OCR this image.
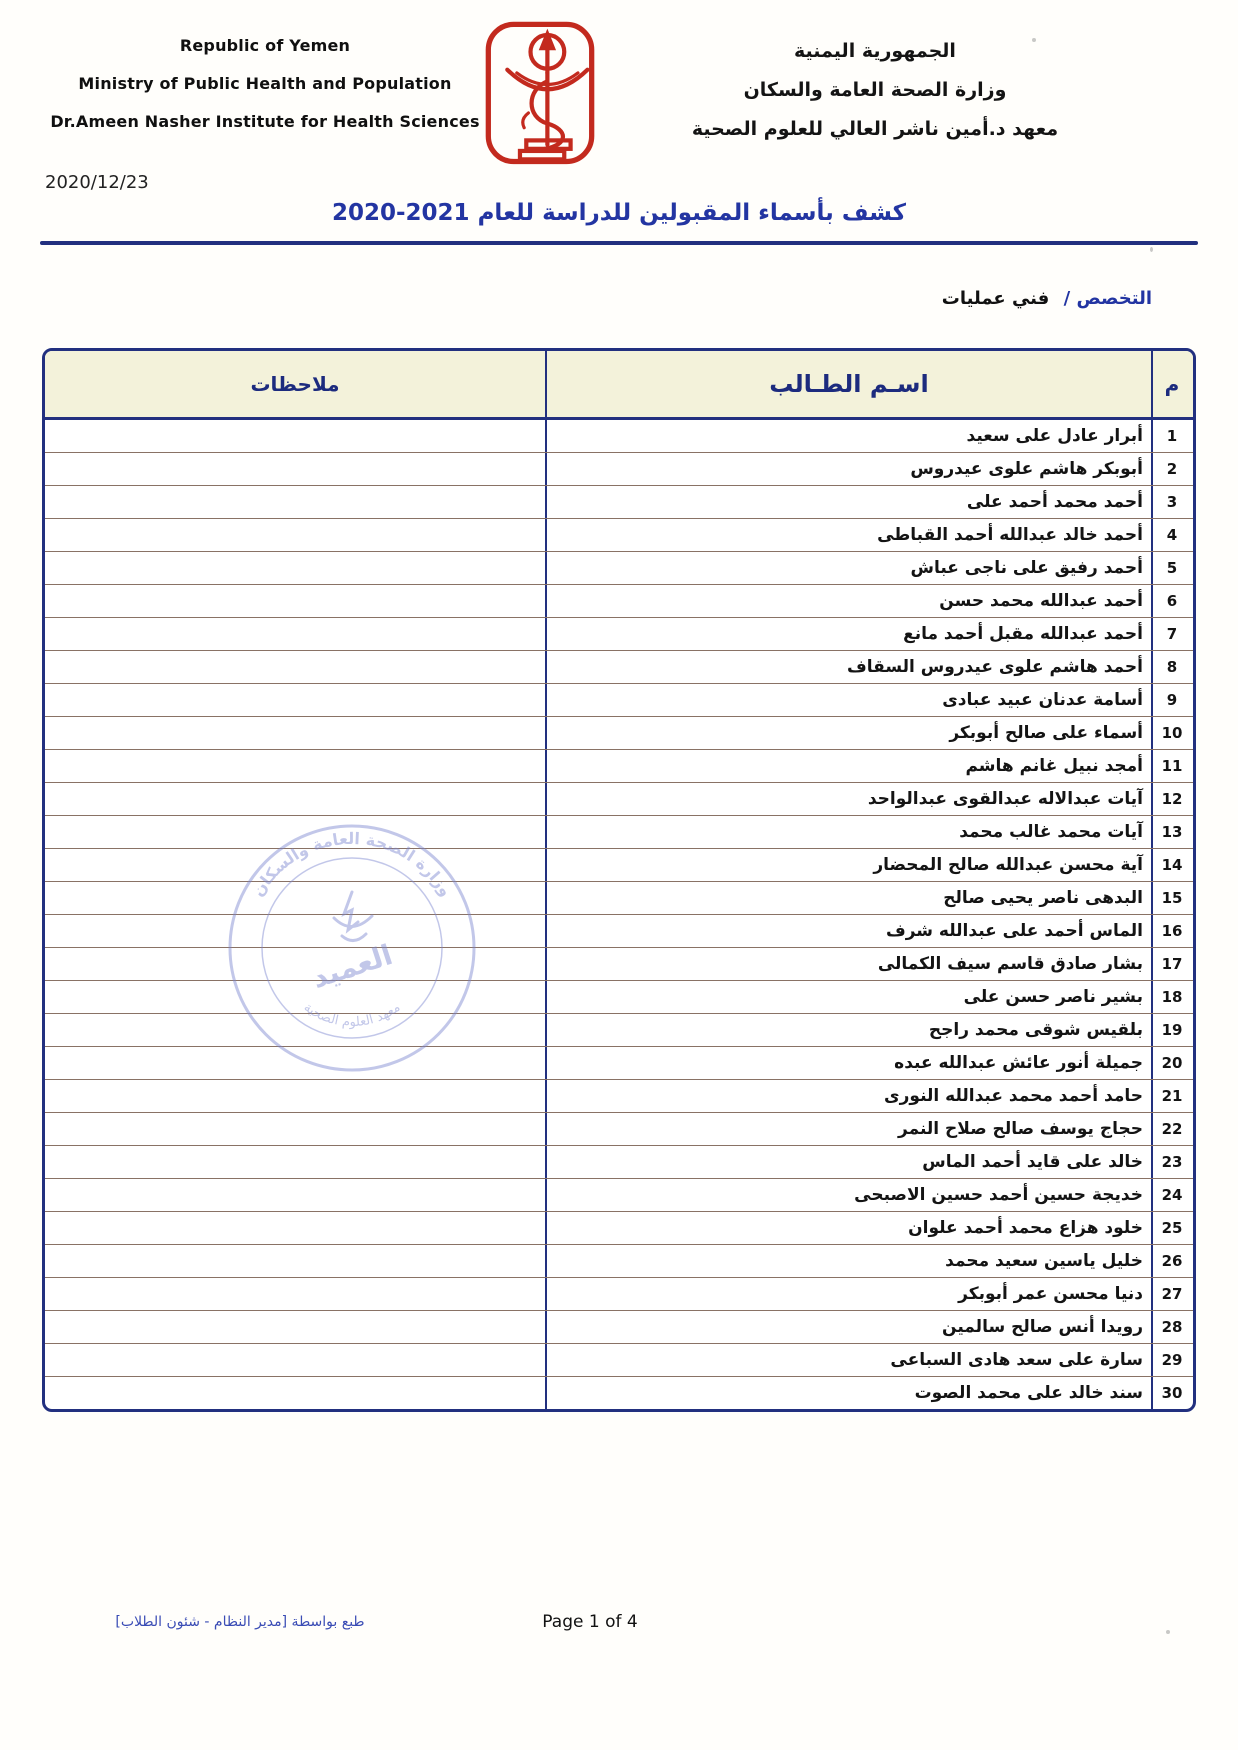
Republic of Yemen
Ministry of Public Health and Population
Dr.Ameen Nasher Institute for Health Sciences
الجمهورية اليمنية
وزارة الصحة العامة والسكان
معهد د.أمين ناشر العالي للعلوم الصحية
2020/12/23
كشف بأسماء المقبولين للدراسة للعام 2021-2020
التخصص / فني عمليات
ملاحظات	اسـم الطـالب	م
أبرار عادل على سعيد	1
أبوبكر هاشم علوى عيدروس	2
أحمد محمد أحمد على	3
أحمد خالد عبدالله أحمد القباطى	4
أحمد رفيق على ناجى عباش	5
أحمد عبدالله محمد حسن	6
أحمد عبدالله مقبل أحمد مانع	7
أحمد هاشم علوى عيدروس السقاف	8
أسامة عدنان عبيد عبادى	9
أسماء على صالح أبوبكر	10
أمجد نبيل غانم هاشم	11
آيات عبدالاله عبدالقوى عبدالواحد	12
آيات محمد غالب محمد	13
آية محسن عبدالله صالح المحضار	14
البدهى ناصر يحيى صالح	15
الماس أحمد على عبدالله شرف	16
بشار صادق قاسم سيف الكمالى	17
بشير ناصر حسن على	18
بلقيس شوقى محمد راجح	19
جميلة أنور عائش عبدالله عبده	20
حامد أحمد محمد عبدالله النورى	21
حجاج يوسف صالح صلاح النمر	22
خالد على قايد أحمد الماس	23
خديجة حسين أحمد حسين الاصبحى	24
خلود هزاع محمد أحمد علوان	25
خليل ياسين سعيد محمد	26
دنيا محسن عمر أبوبكر	27
رويدا أنس صالح سالمين	28
سارة على سعد هادى السباعى	29
سند خالد على محمد الصوت	30
وزارة الصحة العامة والسكان
معهد العلوم الصحية
العميد
طبع بواسطة [مدير النظام - شئون الطلاب]	Page 1 of 4
